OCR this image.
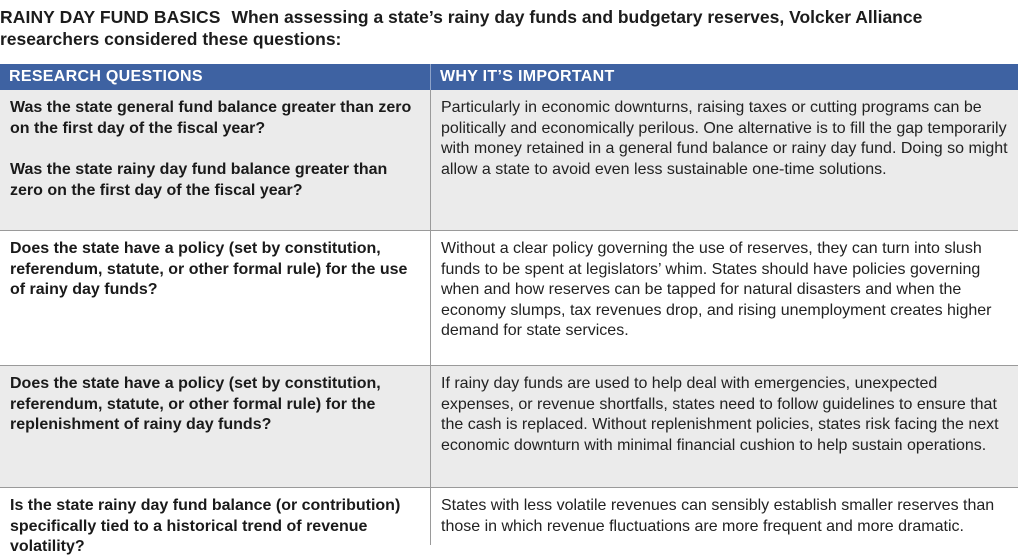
RAINY DAY FUND BASICS When assessing a state’s rainy day funds and budgetary reserves, Volcker Alliance researchers considered these questions:
RESEARCH QUESTIONS	WHY IT’S IMPORTANT

Was the state general fund balance greater than zero on the first day of the fiscal year?

Was the state rainy day fund balance greater than zero on the first day of the fiscal year?

Particularly in economic downturns, raising taxes or cutting programs can be politically and economically perilous. One alternative is to fill the gap temporarily with money retained in a general fund balance or rainy day fund. Doing so might allow a state to avoid even less sustainable one-time solutions.

Does the state have a policy (set by constitution, referendum, statute, or other formal rule) for the use of rainy day funds?

Without a clear policy governing the use of reserves, they can turn into slush funds to be spent at legislators’ whim. States should have policies governing when and how reserves can be tapped for natural disasters and when the economy slumps, tax revenues drop, and rising unemployment creates higher demand for state services.

Does the state have a policy (set by constitution, referendum, statute, or other formal rule) for the replenishment of rainy day funds?

If rainy day funds are used to help deal with emergencies, unexpected expenses, or revenue shortfalls, states need to follow guidelines to ensure that the cash is replaced. Without replenishment policies, states risk facing the next economic downturn with minimal financial cushion to help sustain operations.

Is the state rainy day fund balance (or contribution) specifically tied to a historical trend of revenue volatility?

States with less volatile revenues can sensibly establish smaller reserves than those in which revenue fluctuations are more frequent and more dramatic.
